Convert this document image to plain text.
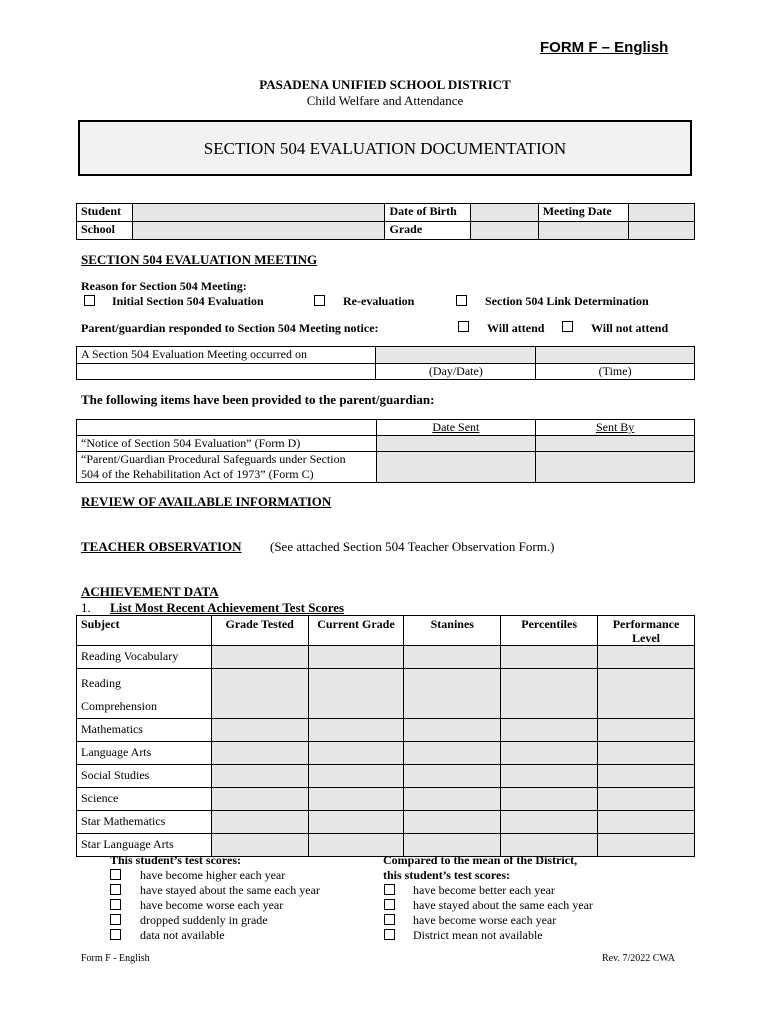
FORM F – English
PASADENA UNIFIED SCHOOL DISTRICT
Child Welfare and Attendance
SECTION 504 EVALUATION DOCUMENTATION
Student		Date of Birth		Meeting Date	
School		Grade			
SECTION 504 EVALUATION MEETING
Reason for Section 504 Meeting:
Initial Section 504 Evaluation	Re-evaluation	Section 504 Link Determination
Parent/guardian responded to Section 504 Meeting notice:	Will attend	Will not attend
A Section 504 Evaluation Meeting occurred on		
	(Day/Date)	(Time)
The following items have been provided to the parent/guardian:
	Date Sent	Sent By
“Notice of Section 504 Evaluation” (Form D)		

“Parent/Guardian Procedural Safeguards under Section
504 of the Rehabilitation Act of 1973” (Form C)		

REVIEW OF AVAILABLE INFORMATION
TEACHER OBSERVATION (See attached Section 504 Teacher Observation Form.)
ACHIEVEMENT DATA
1. List Most Recent Achievement Test Scores
Subject	Grade Tested	Current Grade	Stanines	Percentiles	Performance
Level

Reading Vocabulary					

Reading
Comprehension					

Mathematics					
Language Arts					
Social Studies					
Science					
Star Mathematics					
Star Language Arts					
This student’s test scores:
have become higher each year
have stayed about the same each year
have become worse each year
dropped suddenly in grade
data not available
Compared to the mean of the District,
this student’s test scores:
have become better each year
have stayed about the same each year
have become worse each year
District mean not available
Form F - English	Rev. 7/2022 CWA
